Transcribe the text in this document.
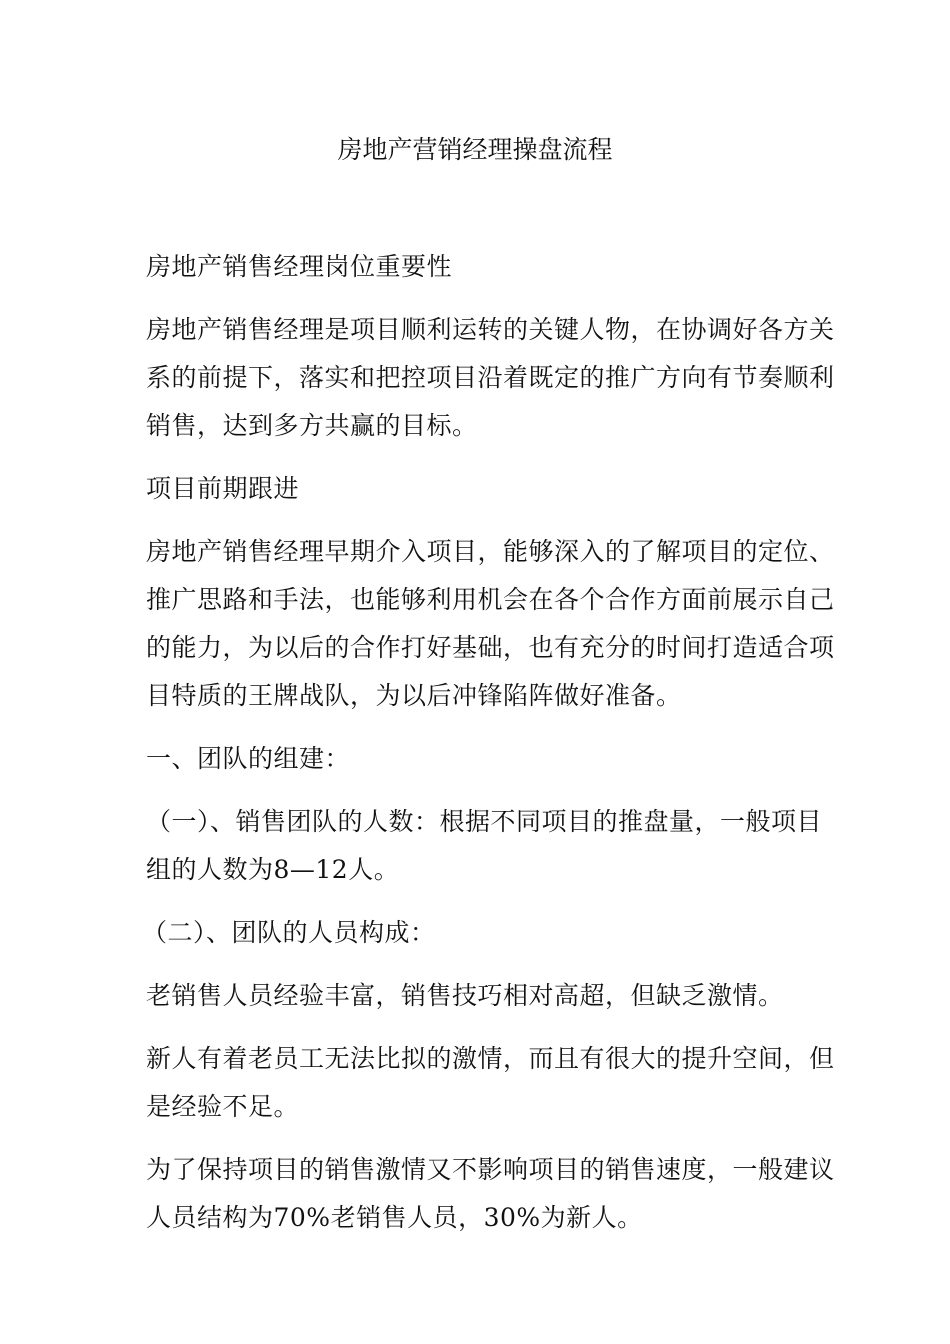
房地产营销经理操盘流程
房地产销售经理岗位重要性

房地产销售经理是项目顺利运转的关键人物，在协调好各方关系的前提下，落实和把控项目沿着既定的推广方向有节奏顺利销售，达到多方共赢的目标。

项目前期跟进

房地产销售经理早期介入项目，能够深入的了解项目的定位、推广思路和手法，也能够利用机会在各个合作方面前展示自己的能力，为以后的合作打好基础，也有充分的时间打造适合项目特质的王牌战队，为以后冲锋陷阵做好准备。

一、团队的组建：

（一）、销售团队的人数：根据不同项目的推盘量，一般项目组的人数为8—12人。

（二）、团队的人员构成：

老销售人员经验丰富，销售技巧相对高超，但缺乏激情。

新人有着老员工无法比拟的激情，而且有很大的提升空间，但是经验不足。

为了保持项目的销售激情又不影响项目的销售速度，一般建议人员结构为70%老销售人员，30%为新人。
